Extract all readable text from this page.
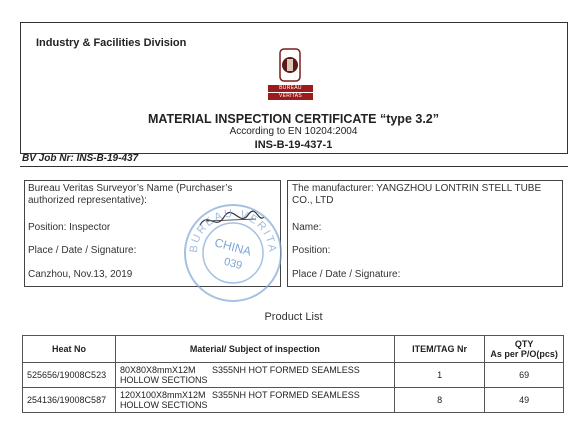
Industry & Facilities Division
BUREAU
VERITAS
MATERIAL INSPECTION CERTIFICATE “type 3.2”
According to EN 10204:2004
INS-B-19-437-1
BV Job Nr: INS-B-19-437
Bureau Veritas Surveyor’s Name (Purchaser’s authorized representative):
Position: Inspector
Place / Date / Signature:
Canzhou, Nov.13, 2019
BUREAU VERITA
CHINA
039
The manufacturer: YANGZHOU LONTRIN STELL TUBE CO., LTD
Name:
Position:
Place / Date / Signature:
Product List
Heat No	Material/ Subject of inspection	ITEM/TAG Nr	QTY
As per P/O(pcs)

525656/19008C523	80X80X8mmX12M S355NH HOT FORMED SEAMLESS
HOLLOW SECTIONS	1	69
254136/19008C587	120X100X8mmX12M S355NH HOT FORMED SEAMLESS
HOLLOW SECTIONS	8	49
